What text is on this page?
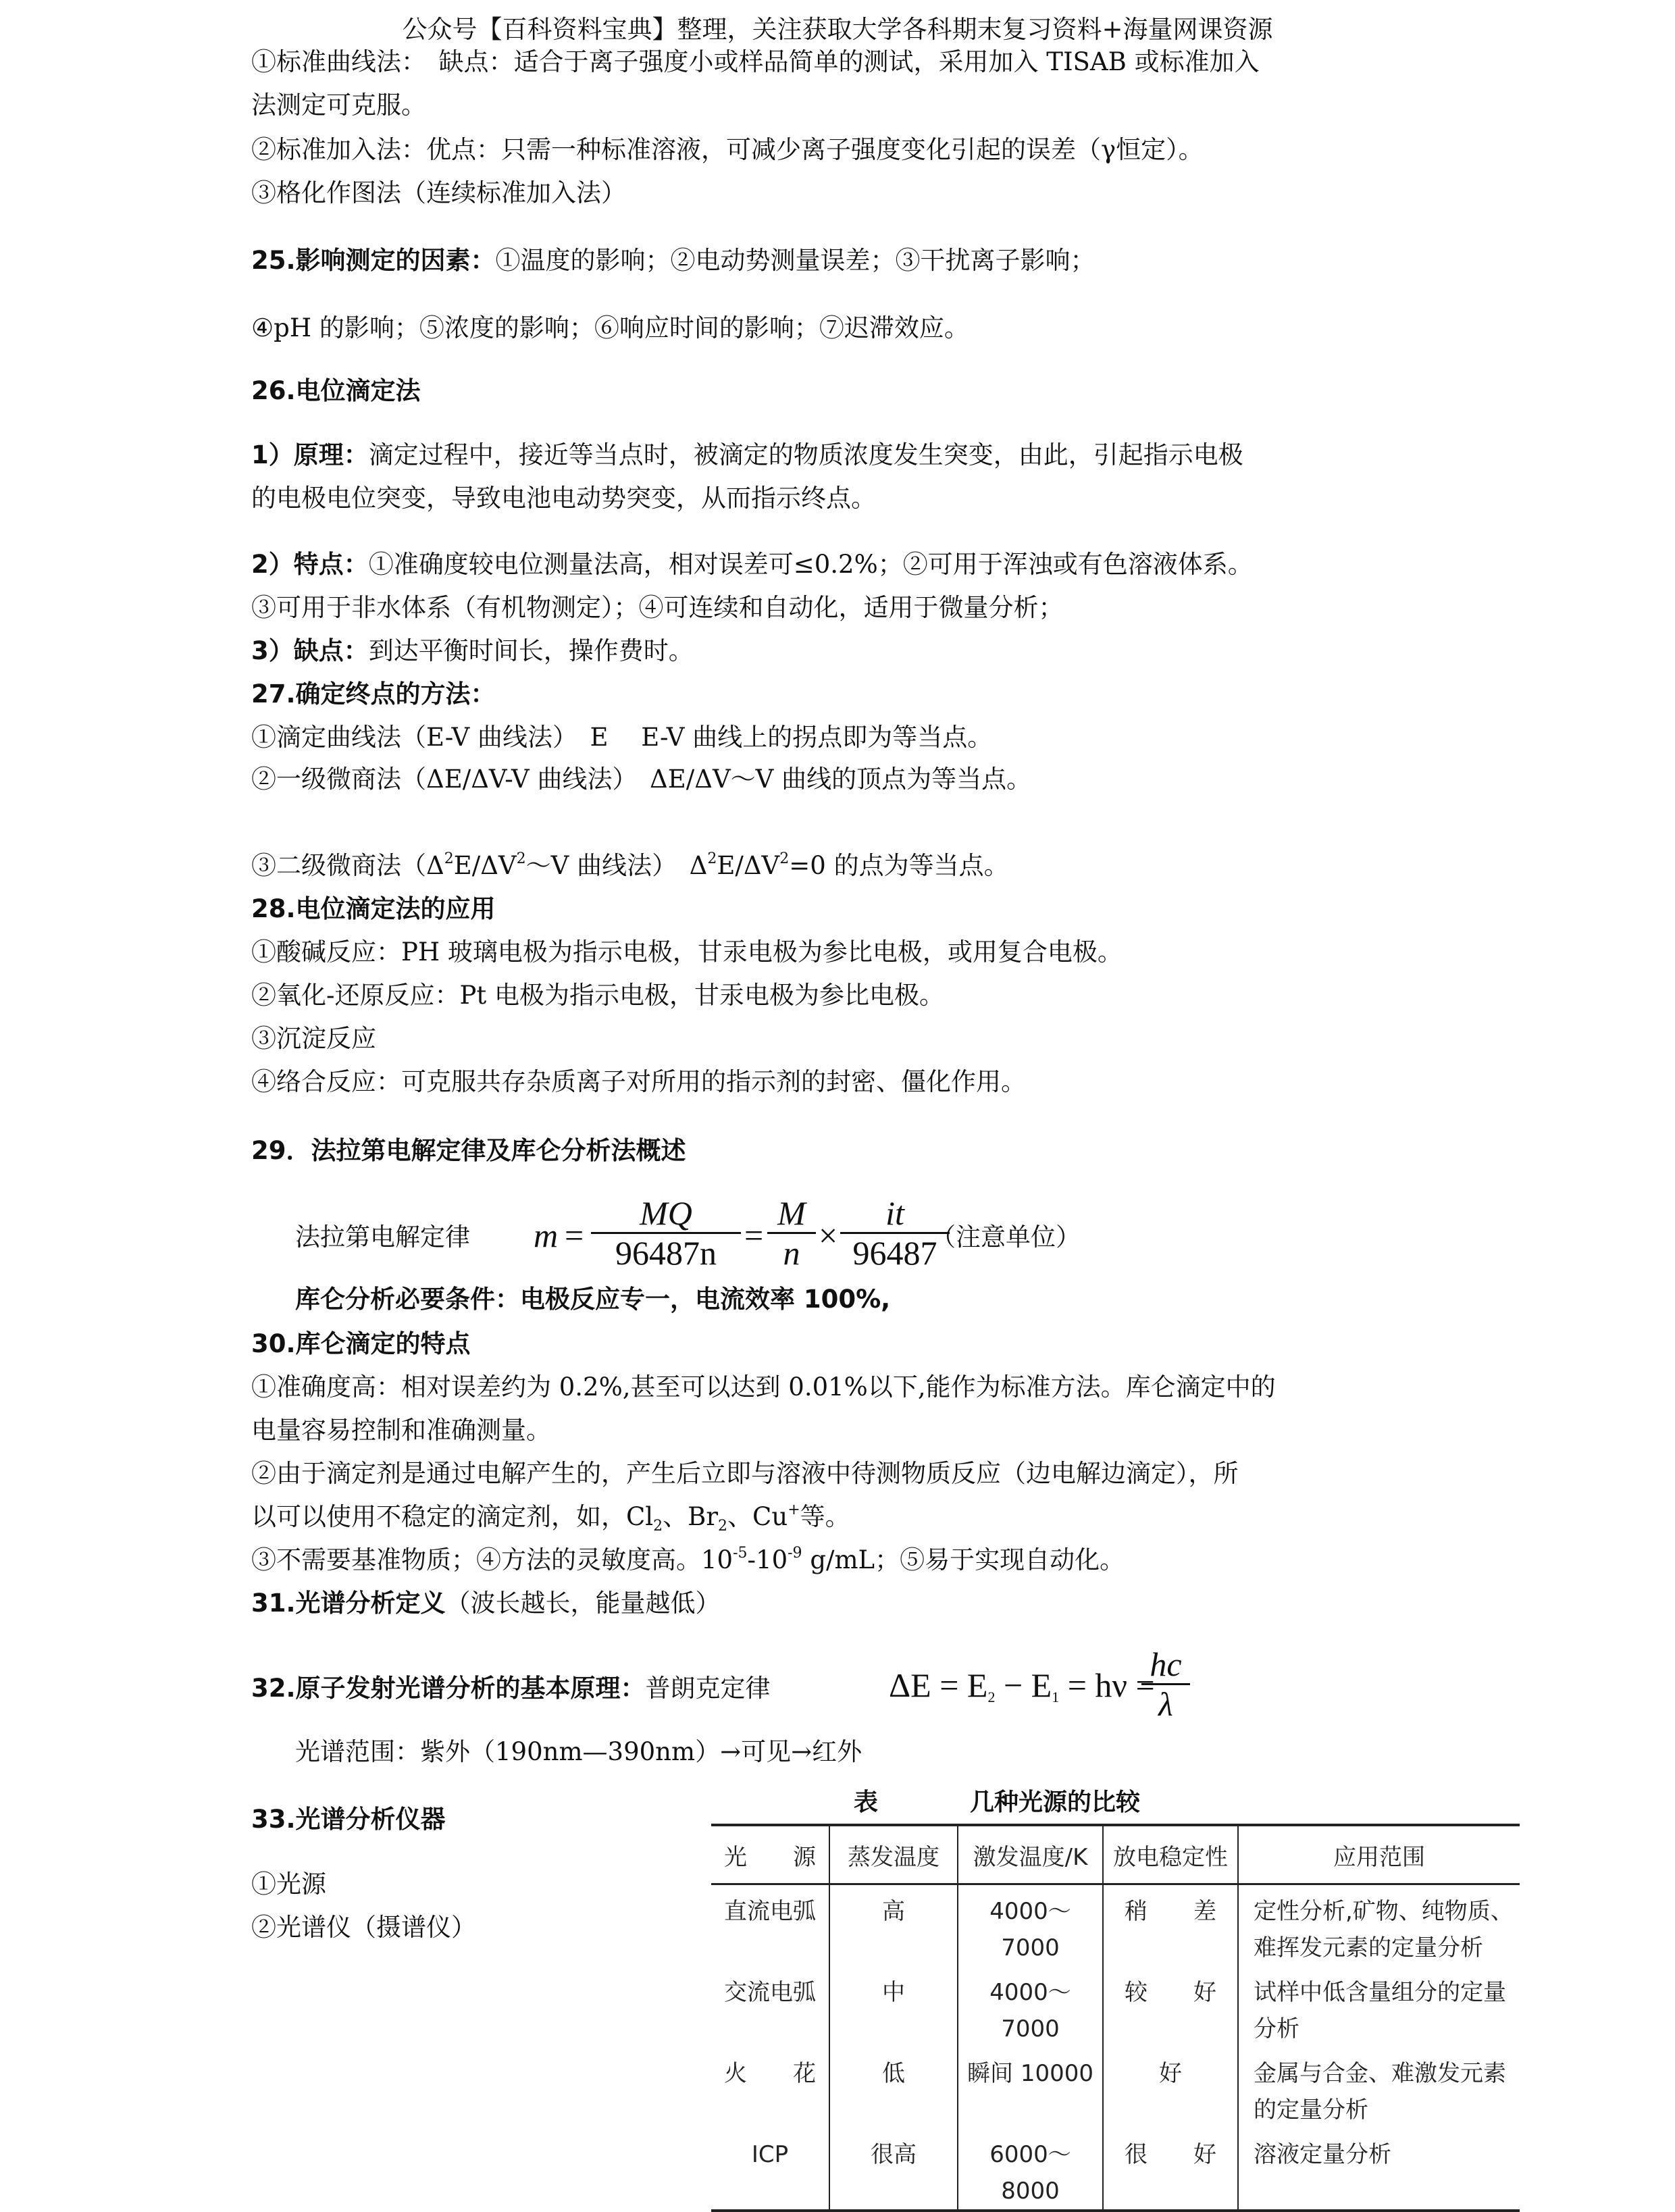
公众号【百科资料宝典】整理，关注获取大学各科期末复习资料+海量网课资源
①标准曲线法：　缺点：适合于离子强度小或样品简单的测试，采用加入 TISAB 或标准加入
法测定可克服。
②标准加入法：优点：只需一种标准溶液，可减少离子强度变化引起的误差（γ恒定）。
③格化作图法（连续标准加入法）
25.影响测定的因素：①温度的影响；②电动势测量误差；③干扰离子影响；
④pH 的影响；⑤浓度的影响；⑥响应时间的影响；⑦迟滞效应。
26.电位滴定法
1）原理：滴定过程中，接近等当点时，被滴定的物质浓度发生突变，由此，引起指示电极
的电极电位突变，导致电池电动势突变，从而指示终点。
2）特点：①准确度较电位测量法高，相对误差可≤0.2%；②可用于浑浊或有色溶液体系。
③可用于非水体系（有机物测定）；④可连续和自动化，适用于微量分析；
3）缺点：到达平衡时间长，操作费时。
27.确定终点的方法：
①滴定曲线法（E-V 曲线法）　E　 E-V 曲线上的拐点即为等当点。
②一级微商法（ΔE/ΔV-V 曲线法）　ΔE/ΔV～V 曲线的顶点为等当点。
③二级微商法（$\Delta^2E/\Delta V^2\sim V$ 曲线法）　$\Delta^2E/\Delta V^2=0$ 的点为等当点。
28.电位滴定法的应用
①酸碱反应：PH 玻璃电极为指示电极，甘汞电极为参比电极，或用复合电极。
②氧化-还原反应：Pt 电极为指示电极，甘汞电极为参比电极。
③沉淀反应
④络合反应：可克服共存杂质离子对所用的指示剂的封密、僵化作用。
29．法拉第电解定律及库仑分析法概述
法拉第电解定律 $m = \frac{MQ}{96487n} = \frac{M}{n} \times \frac{it}{96487}$
（注意单位）
库仑分析必要条件：电极反应专一，电流效率 100%,
30.库仑滴定的特点
①准确度高：相对误差约为 0.2%,甚至可以达到 0.01%以下,能作为标准方法。库仑滴定中的
电量容易控制和准确测量。
②由于滴定剂是通过电解产生的，产生后立即与溶液中待测物质反应（边电解边滴定），所
以可以使用不稳定的滴定剂，如，$Cl_2$、$Br_2$、Cu+等。
③不需要基准物质；④方法的灵敏度高。$10^{-5}-10^{-9}$ g/mL；⑤易于实现自动化。
31.光谱分析定义（波长越长，能量越低）
32.原子发射光谱分析的基本原理：普朗克定律	$\Delta E = E_2 - E_1 = h\nu$ =
$\frac{hc}{\lambda}$
光谱范围：紫外（190nm—390nm）→可见→红外
33.光谱分析仪器
①光源
②光谱仪（摄谱仪）
表	几种光源的比较
光　　源	蒸发温度	激发温度/K	放电稳定性	应用范围
直流电弧	高	4000～7000	稍　　差	定性分析,矿物、纯物质、难挥发元素的定量分析
交流电弧	中	4000～7000	较　　好	试样中低含量组分的定量分析
火　　花	低	瞬间 10000	好	金属与合金、难激发元素的定量分析
ICP	很高	6000～8000	很　　好	溶液定量分析
